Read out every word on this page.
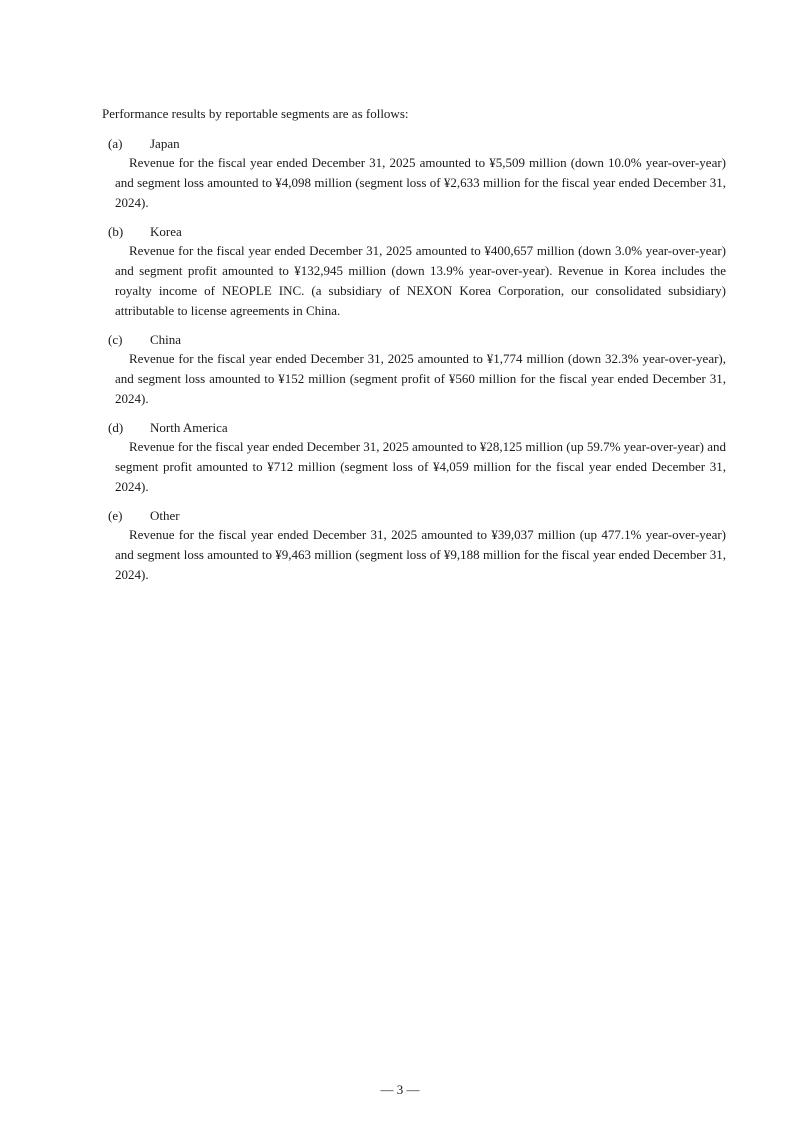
Performance results by reportable segments are as follows:
(a) Japan
Revenue for the fiscal year ended December 31, 2025 amounted to ¥5,509 million (down 10.0% year-over-year) and segment loss amounted to ¥4,098 million (segment loss of ¥2,633 million for the fiscal year ended December 31, 2024).
(b) Korea
Revenue for the fiscal year ended December 31, 2025 amounted to ¥400,657 million (down 3.0% year-over-year) and segment profit amounted to ¥132,945 million (down 13.9% year-over-year). Revenue in Korea includes the royalty income of NEOPLE INC. (a subsidiary of NEXON Korea Corporation, our consolidated subsidiary) attributable to license agreements in China.
(c) China
Revenue for the fiscal year ended December 31, 2025 amounted to ¥1,774 million (down 32.3% year-over-year), and segment loss amounted to ¥152 million (segment profit of ¥560 million for the fiscal year ended December 31, 2024).
(d) North America
Revenue for the fiscal year ended December 31, 2025 amounted to ¥28,125 million (up 59.7% year-over-year) and segment profit amounted to ¥712 million (segment loss of ¥4,059 million for the fiscal year ended December 31, 2024).
(e) Other
Revenue for the fiscal year ended December 31, 2025 amounted to ¥39,037 million (up 477.1% year-over-year) and segment loss amounted to ¥9,463 million (segment loss of ¥9,188 million for the fiscal year ended December 31, 2024).
— 3 —
